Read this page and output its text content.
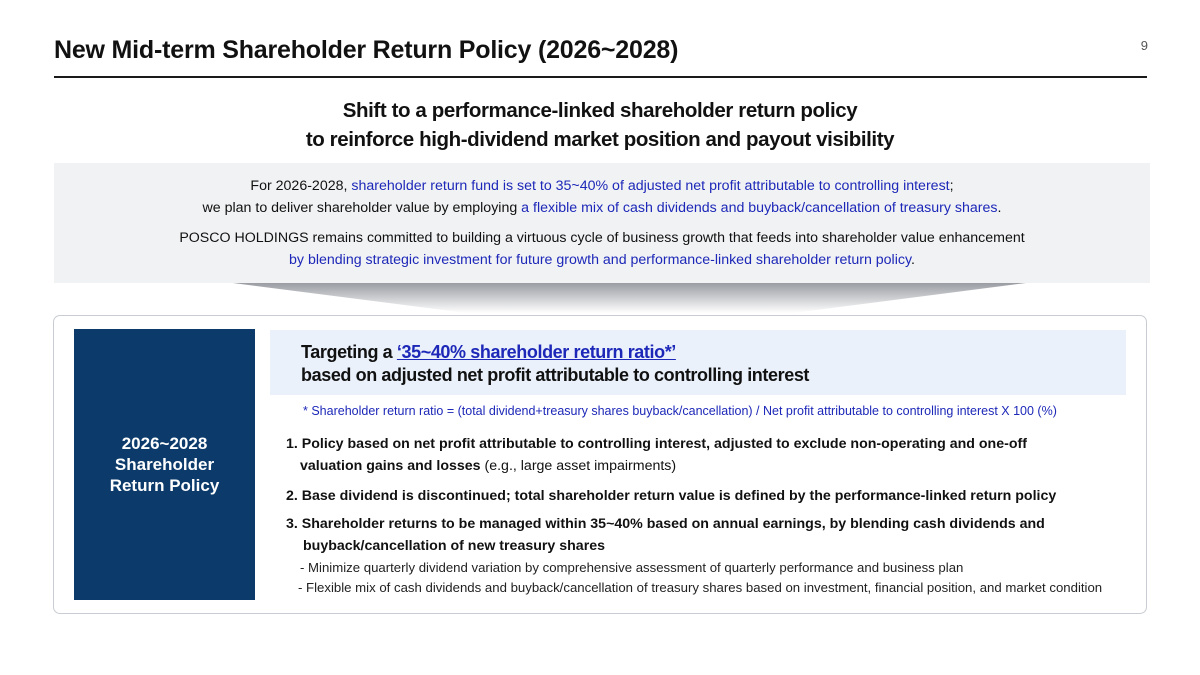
New Mid-term Shareholder Return Policy (2026~2028)	9
Shift to a performance-linked shareholder return policy
to reinforce high-dividend market position and payout visibility
For 2026-2028, shareholder return fund is set to 35~40% of adjusted net profit attributable to controlling interest;
we plan to deliver shareholder value by employing a flexible mix of cash dividends and buyback/cancellation of treasury shares.
POSCO HOLDINGS remains committed to building a virtuous cycle of business growth that feeds into shareholder value enhancement
by blending strategic investment for future growth and performance-linked shareholder return policy.
2026~2028
Shareholder
Return Policy
Targeting a ‘35~40% shareholder return ratio*’
based on adjusted net profit attributable to controlling interest
* Shareholder return ratio = (total dividend+treasury shares buyback/cancellation) / Net profit attributable to controlling interest X 100 (%)
1. Policy based on net profit attributable to controlling interest, adjusted to exclude non-operating and one-off
valuation gains and losses (e.g., large asset impairments)
2. Base dividend is discontinued; total shareholder return value is defined by the performance-linked return policy
3. Shareholder returns to be managed within 35~40% based on annual earnings, by blending cash dividends and
buyback/cancellation of new treasury shares
- Minimize quarterly dividend variation by comprehensive assessment of quarterly performance and business plan
- Flexible mix of cash dividends and buyback/cancellation of treasury shares based on investment, financial position, and market condition
